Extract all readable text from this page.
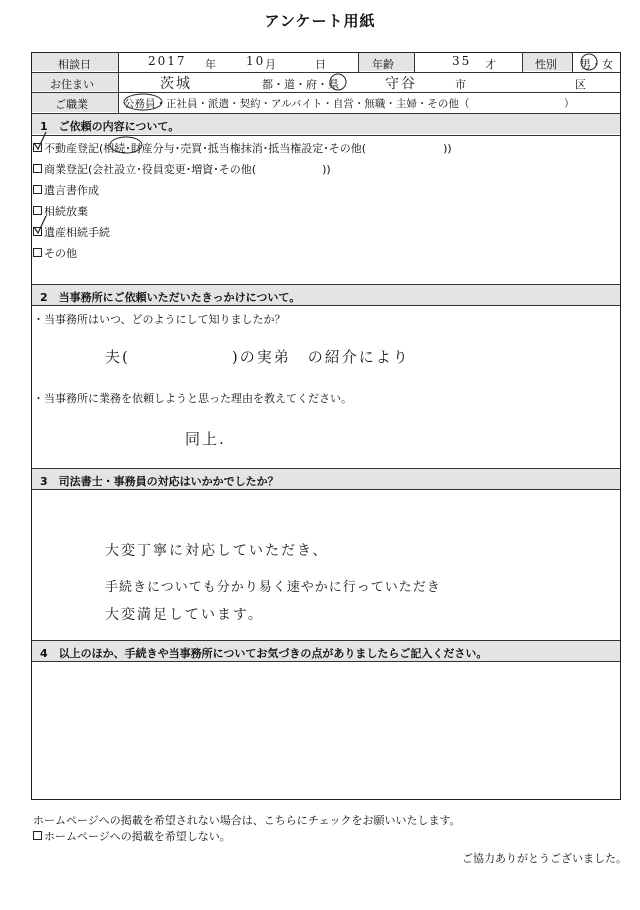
アンケート用紙
相談日	2017 年	10 月	日	年齢	35 才	性別 男・女
お住まい	茨城	都・道・府・県	守谷	市	区
ご職業	公務員・正社員・派遣・契約・アルバイト・自営・無職・主婦・その他（　　　　　　　　　）
1　ご依頼の内容について。
不動産登記(相続･財産分与･売買･抵当権抹消･抵当権設定･その他(　　　　　　　))
商業登記(会社設立･役員変更･増資･その他(　　　　　　))
遺言書作成
相続放棄
遺産相続手続
その他
2　当事務所にご依頼いただいたきっかけについて。
・当事務所はいつ、どのようにして知りましたか？
夫(　　　　　　)の実弟　の紹介により
・当事務所に業務を依頼しようと思った理由を教えてください。
同上.
3　司法書士・事務員の対応はいかかでしたか？
大変丁寧に対応していただき、
手続きについても分かり易く速やかに行っていただき
大変満足しています。
4　以上のほか、手続きや当事務所についてお気づきの点がありましたらご記入ください。
ホームページへの掲載を希望されない場合は、こちらにチェックをお願いいたします。
ホームページへの掲載を希望しない。
ご協力ありがとうございました。
